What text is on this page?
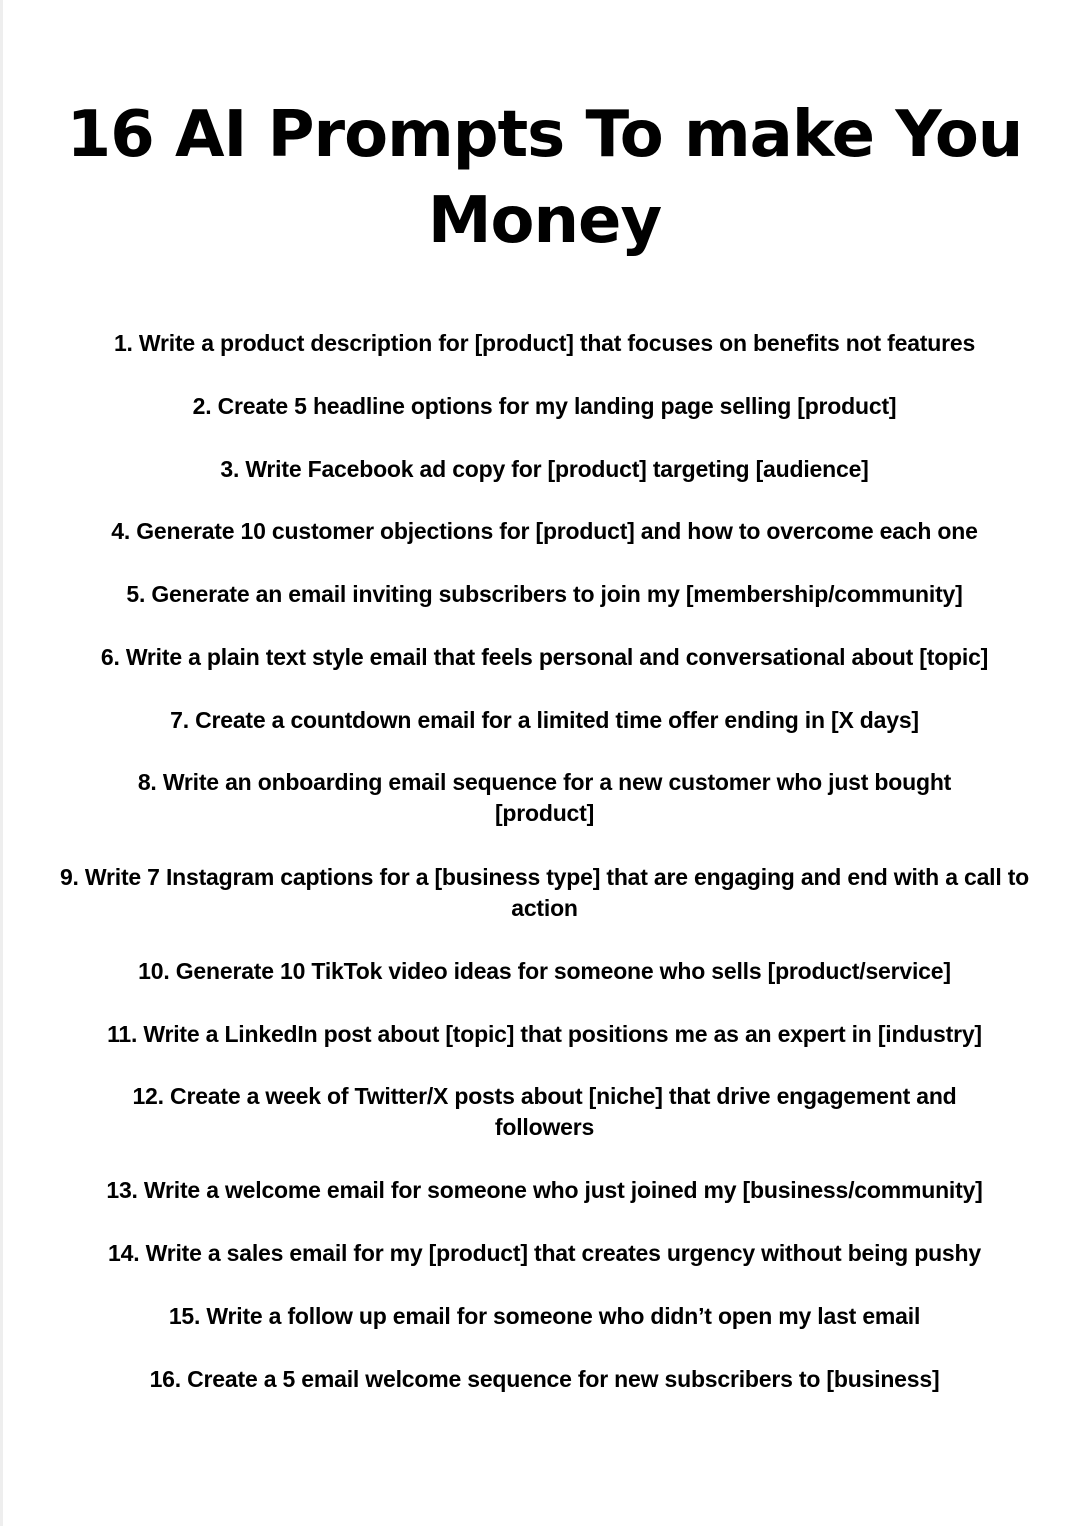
16 AI Prompts To make You Money
1. Write a product description for [product] that focuses on benefits not features
2. Create 5 headline options for my landing page selling [product]
3. Write Facebook ad copy for [product] targeting [audience]
4. Generate 10 customer objections for [product] and how to overcome each one
5. Generate an email inviting subscribers to join my [membership/community]
6. Write a plain text style email that feels personal and conversational about [topic]
7. Create a countdown email for a limited time offer ending in [X days]
8. Write an onboarding email sequence for a new customer who just bought [product]
9. Write 7 Instagram captions for a [business type] that are engaging and end with a call to action
10. Generate 10 TikTok video ideas for someone who sells [product/service]
11. Write a LinkedIn post about [topic] that positions me as an expert in [industry]
12. Create a week of Twitter/X posts about [niche] that drive engagement and followers
13. Write a welcome email for someone who just joined my [business/community]
14. Write a sales email for my [product] that creates urgency without being pushy
15. Write a follow up email for someone who didn’t open my last email
16. Create a 5 email welcome sequence for new subscribers to [business]
